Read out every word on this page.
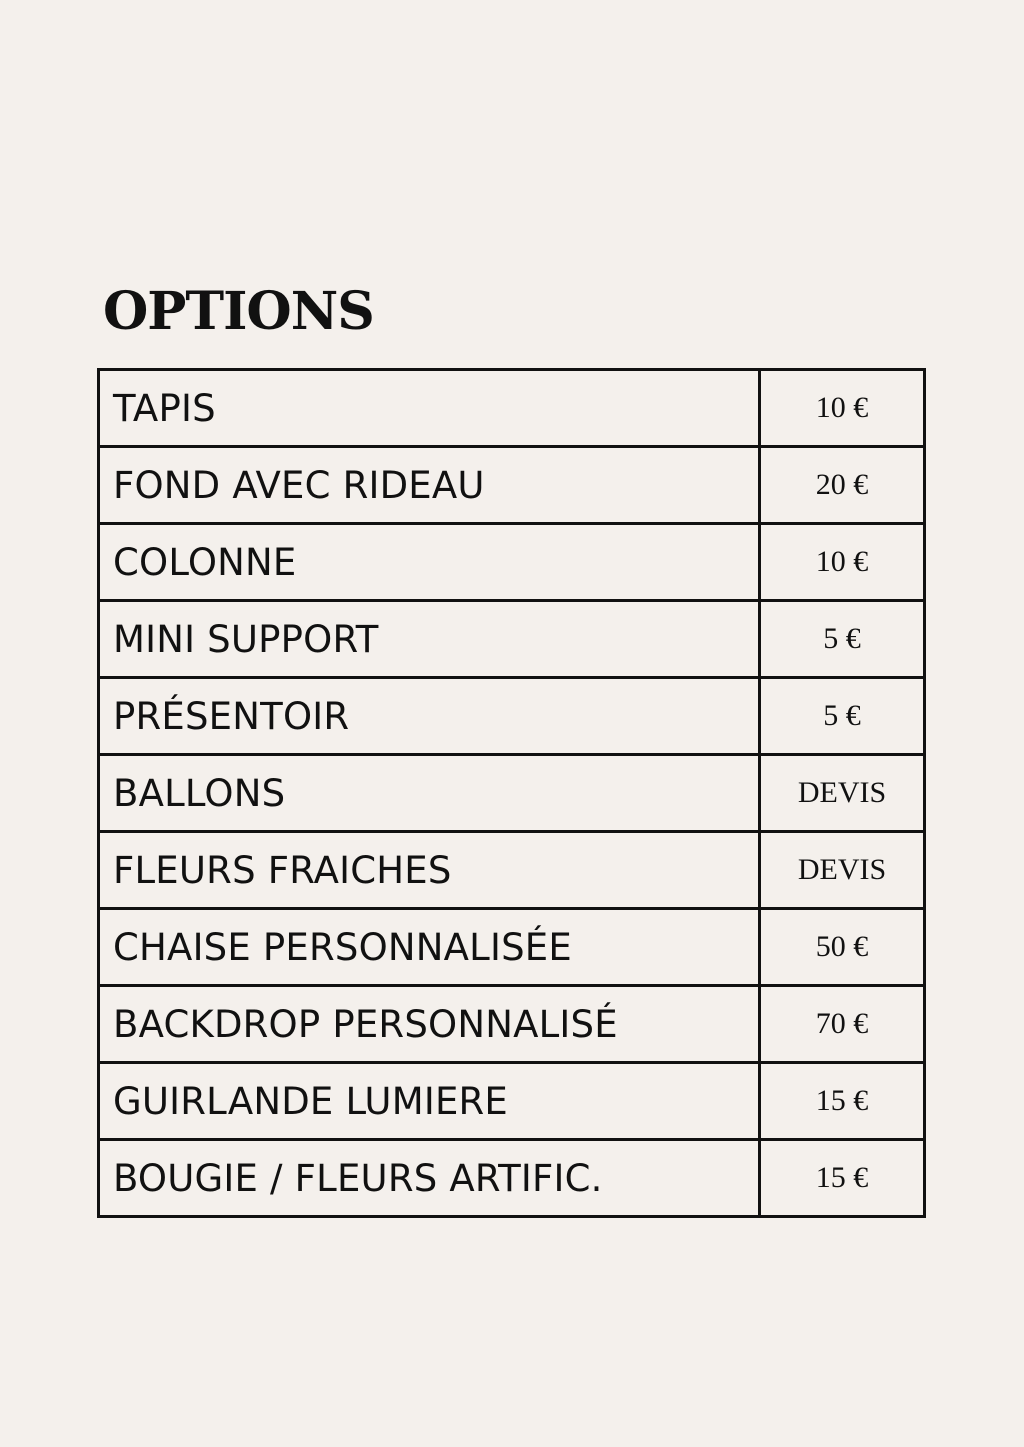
OPTIONS
TAPIS	10 €
FOND AVEC RIDEAU	20 €
COLONNE	10 €
MINI SUPPORT	5 €
PRÉSENTOIR	5 €
BALLONS	DEVIS
FLEURS FRAICHES	DEVIS
CHAISE PERSONNALISÉE	50 €
BACKDROP PERSONNALISÉ	70 €
GUIRLANDE LUMIERE	15 €
BOUGIE / FLEURS ARTIFIC.	15 €
